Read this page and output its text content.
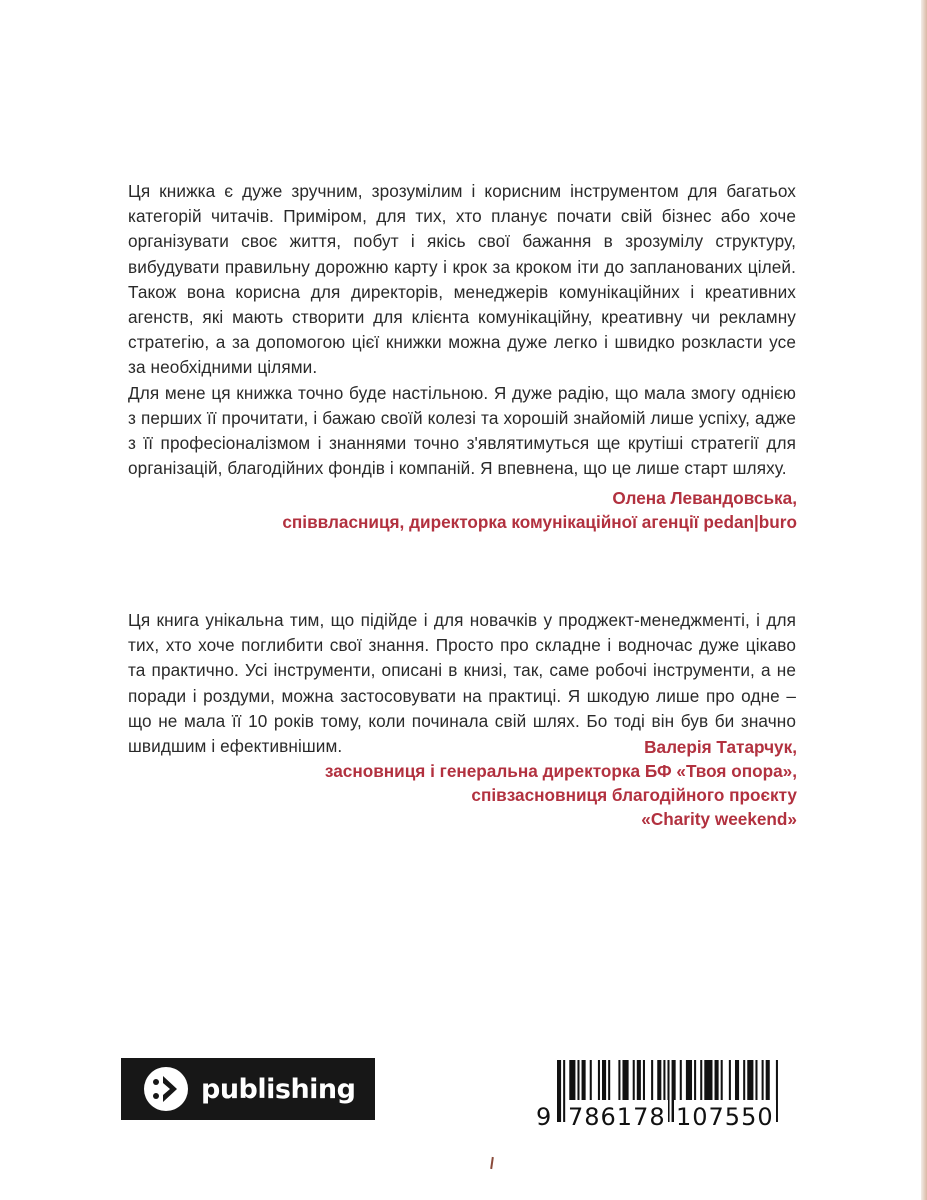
Ця книжка є дуже зручним, зрозумілим і корисним інструментом для багатьох категорій читачів. Приміром, для тих, хто планує почати свій бізнес або хоче організувати своє життя, побут і якісь свої бажання в зрозумілу структуру, вибудувати правильну дорожню карту і крок за кроком іти до запланованих цілей. Також вона корисна для директорів, менеджерів комунікаційних і креативних агенств, які мають створити для клієнта комунікаційну, креативну чи рекламну стратегію, а за допомогою цієї книжки можна дуже легко і швидко розкласти усе за необхідними цілями.

Для мене ця книжка точно буде настільною. Я дуже радію, що мала змогу однією з перших її прочитати, і бажаю своїй колезі та хорошій знайомій лише успіху, адже з її професіоналізмом і знаннями точно з'являтимуться ще крутіші стратегії для організацій, благодійних фондів і компаній. Я впевнена, що це лише старт шляху.

Олена Левандовська,
співвласниця, директорка комунікаційної агенції pedan|buro

Ця книга унікальна тим, що підійде і для новачків у проджект-менеджменті, і для тих, хто хоче поглибити свої знання. Просто про складне і водночас дуже цікаво та практично. Усі інструменти, описані в книзі, так, саме робочі інструменти, а не поради і роздуми, можна застосовувати на практиці. Я шкодую лише про одне – що не мала її 10 років тому, коли починала свій шлях. Бо тоді він був би значно швидшим і ефективнішим.	Валерія Татарчук,
засновниця і генеральна директорка БФ «Твоя опора»,
співзасновниця благодійного проєкту
«Charity weekend»
publishing
9 786178 107550
